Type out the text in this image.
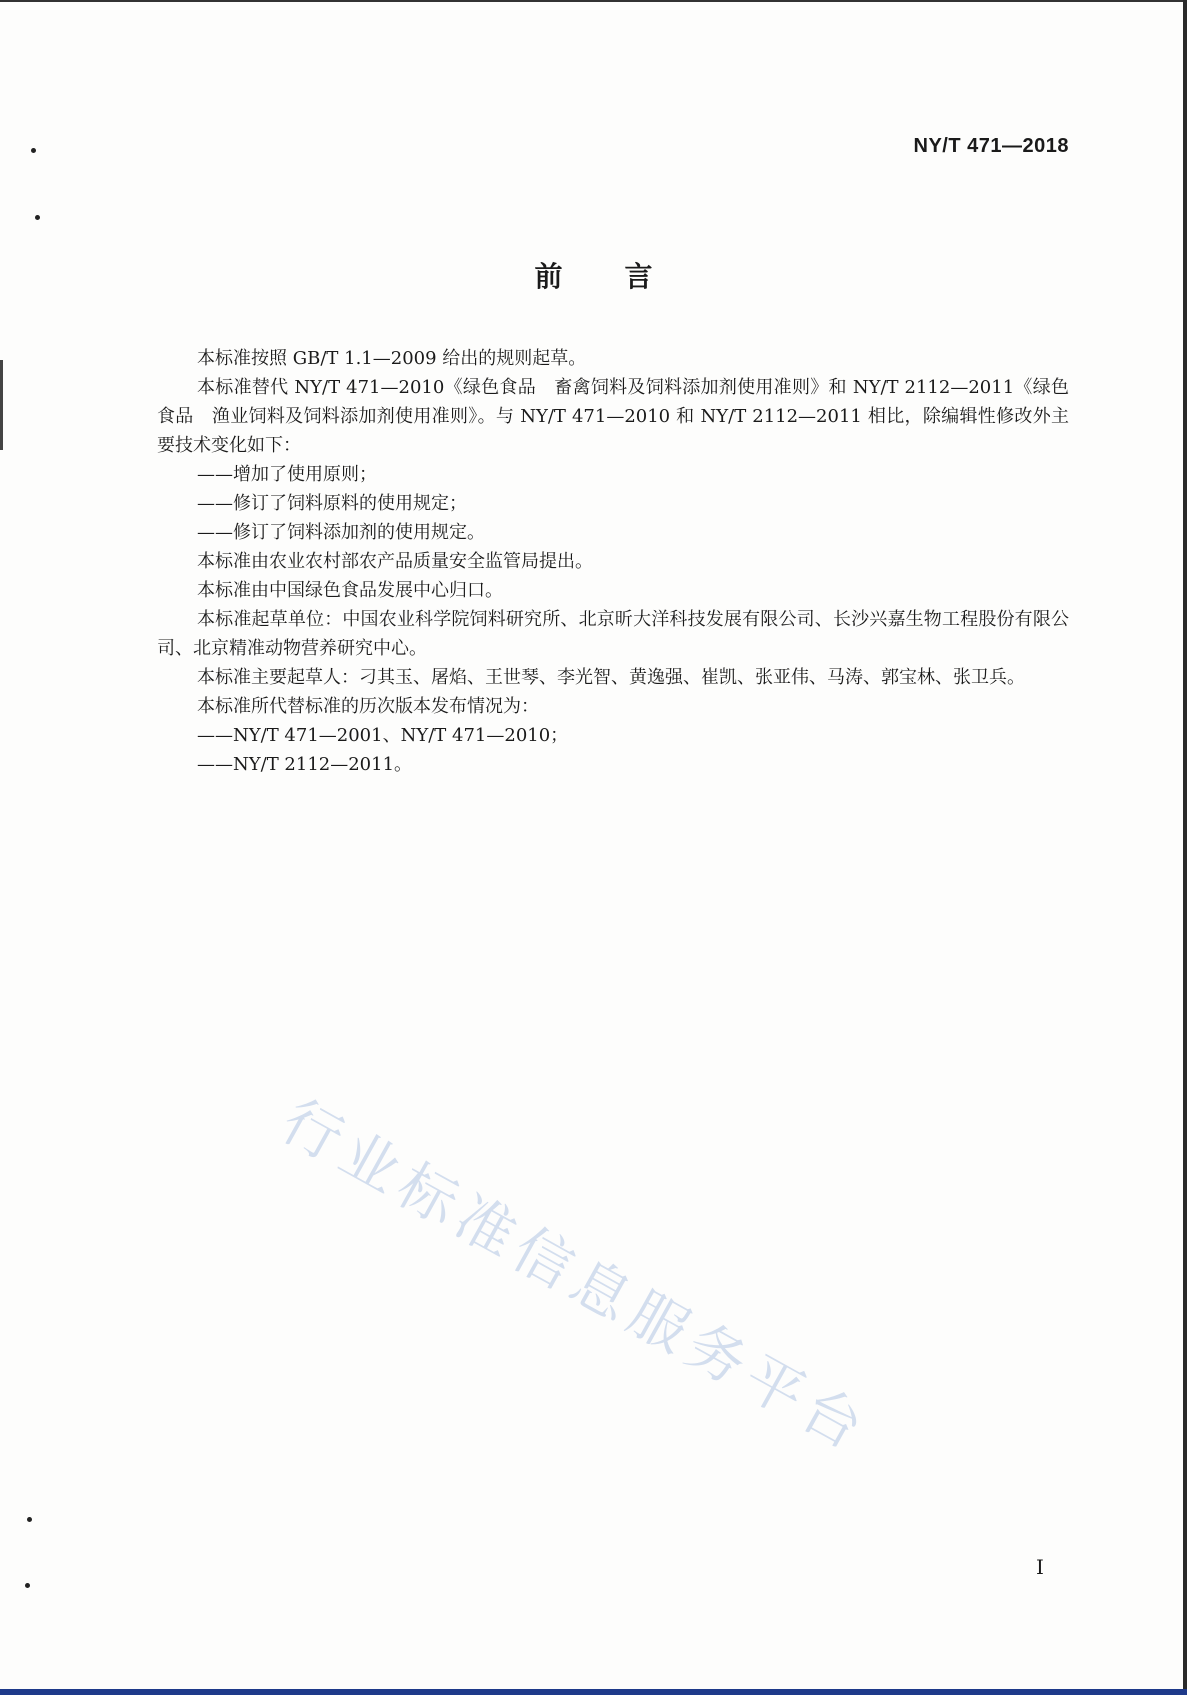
NY/T 471—2018
前 言
行业标准信息服务平台

本标准按照 GB/T 1.1—2009 给出的规则起草。

本标准替代 NY/T 471—2010《绿色食品　畜禽饲料及饲料添加剂使用准则》和 NY/T 2112—2011《绿色食品　渔业饲料及饲料添加剂使用准则》。与 NY/T 471—2010 和 NY/T 2112—2011 相比，除编辑性修改外主要技术变化如下：

——增加了使用原则；

——修订了饲料原料的使用规定；

——修订了饲料添加剂的使用规定。

本标准由农业农村部农产品质量安全监管局提出。

本标准由中国绿色食品发展中心归口。

本标准起草单位：中国农业科学院饲料研究所、北京昕大洋科技发展有限公司、长沙兴嘉生物工程股份有限公司、北京精准动物营养研究中心。

本标准主要起草人：刁其玉、屠焰、王世琴、李光智、黄逸强、崔凯、张亚伟、马涛、郭宝林、张卫兵。

本标准所代替标准的历次版本发布情况为：

——NY/T 471—2001、NY/T 471—2010；

——NY/T 2112—2011。

I
